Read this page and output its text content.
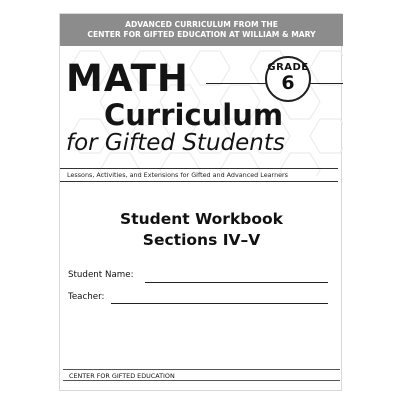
ADVANCED CURRICULUM FROM THE
CENTER FOR GIFTED EDUCATION AT WILLIAM & MARY
MATH	GRADE
6
Curriculum
for Gifted Students
Lessons, Activities, and Extensions for Gifted and Advanced Learners
Student Workbook
Sections IV–V
Student Name:
Teacher:
CENTER FOR GIFTED EDUCATION
